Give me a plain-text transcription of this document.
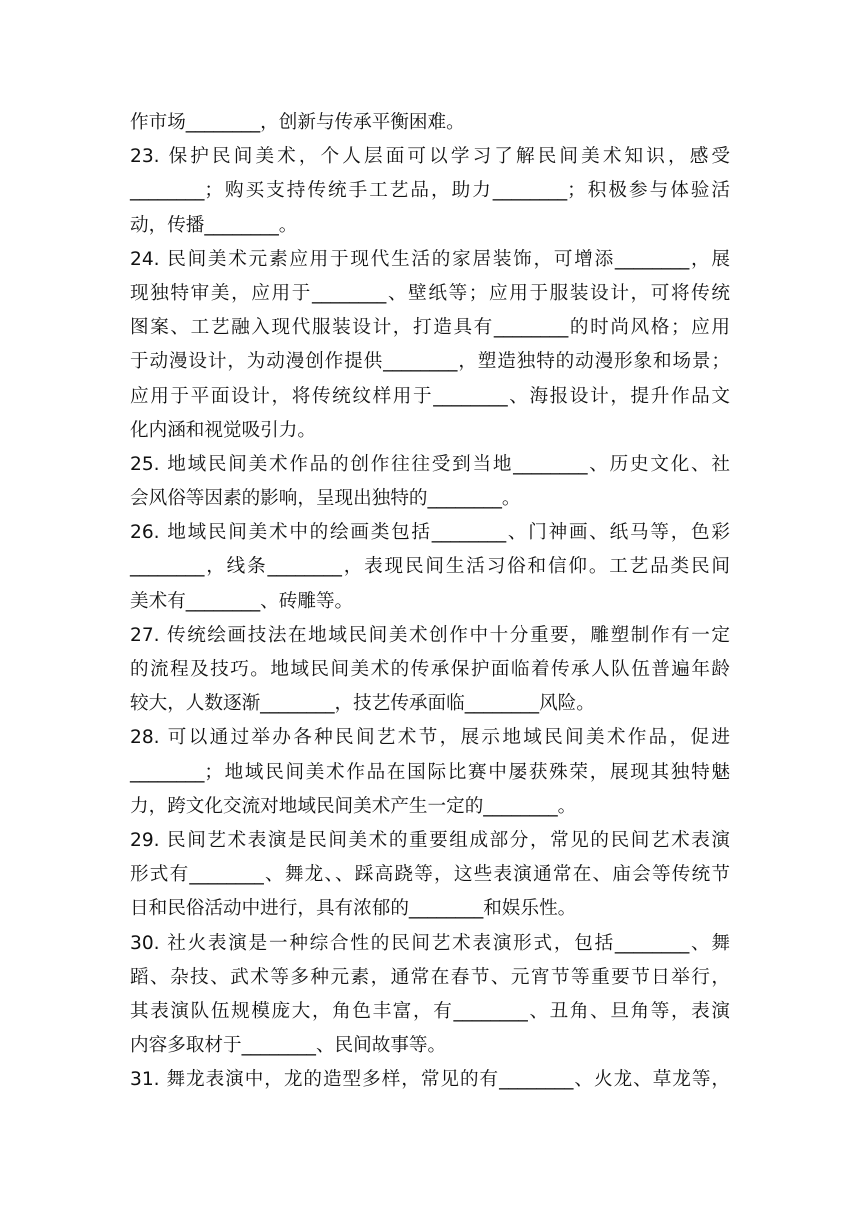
作市场________，创新与传承平衡困难。
23. 保护民间美术，个人层面可以学习了解民间美术知识，感受
________；购买支持传统手工艺品，助力________；积极参与体验活
动，传播________。
24. 民间美术元素应用于现代生活的家居装饰，可增添________，展
现独特审美，应用于________、壁纸等；应用于服装设计，可将传统
图案、工艺融入现代服装设计，打造具有________的时尚风格；应用
于动漫设计，为动漫创作提供________，塑造独特的动漫形象和场景；
应用于平面设计，将传统纹样用于________、海报设计，提升作品文
化内涵和视觉吸引力。
25. 地域民间美术作品的创作往往受到当地________、历史文化、社
会风俗等因素的影响，呈现出独特的________。
26. 地域民间美术中的绘画类包括________、门神画、纸马等，色彩
________，线条________，表现民间生活习俗和信仰。工艺品类民间
美术有________、砖雕等。
27. 传统绘画技法在地域民间美术创作中十分重要，雕塑制作有一定
的流程及技巧。地域民间美术的传承保护面临着传承人队伍普遍年龄
较大，人数逐渐________，技艺传承面临________风险。
28. 可以通过举办各种民间艺术节，展示地域民间美术作品，促进
________；地域民间美术作品在国际比赛中屡获殊荣，展现其独特魅
力，跨文化交流对地域民间美术产生一定的________。
29. 民间艺术表演是民间美术的重要组成部分，常见的民间艺术表演
形式有________、舞龙、、踩高跷等，这些表演通常在、庙会等传统节
日和民俗活动中进行，具有浓郁的________和娱乐性。
30. 社火表演是一种综合性的民间艺术表演形式，包括________、舞
蹈、杂技、武术等多种元素，通常在春节、元宵节等重要节日举行，
其表演队伍规模庞大，角色丰富，有________、丑角、旦角等，表演
内容多取材于________、民间故事等。
31. 舞龙表演中，龙的造型多样，常见的有________、火龙、草龙等，
